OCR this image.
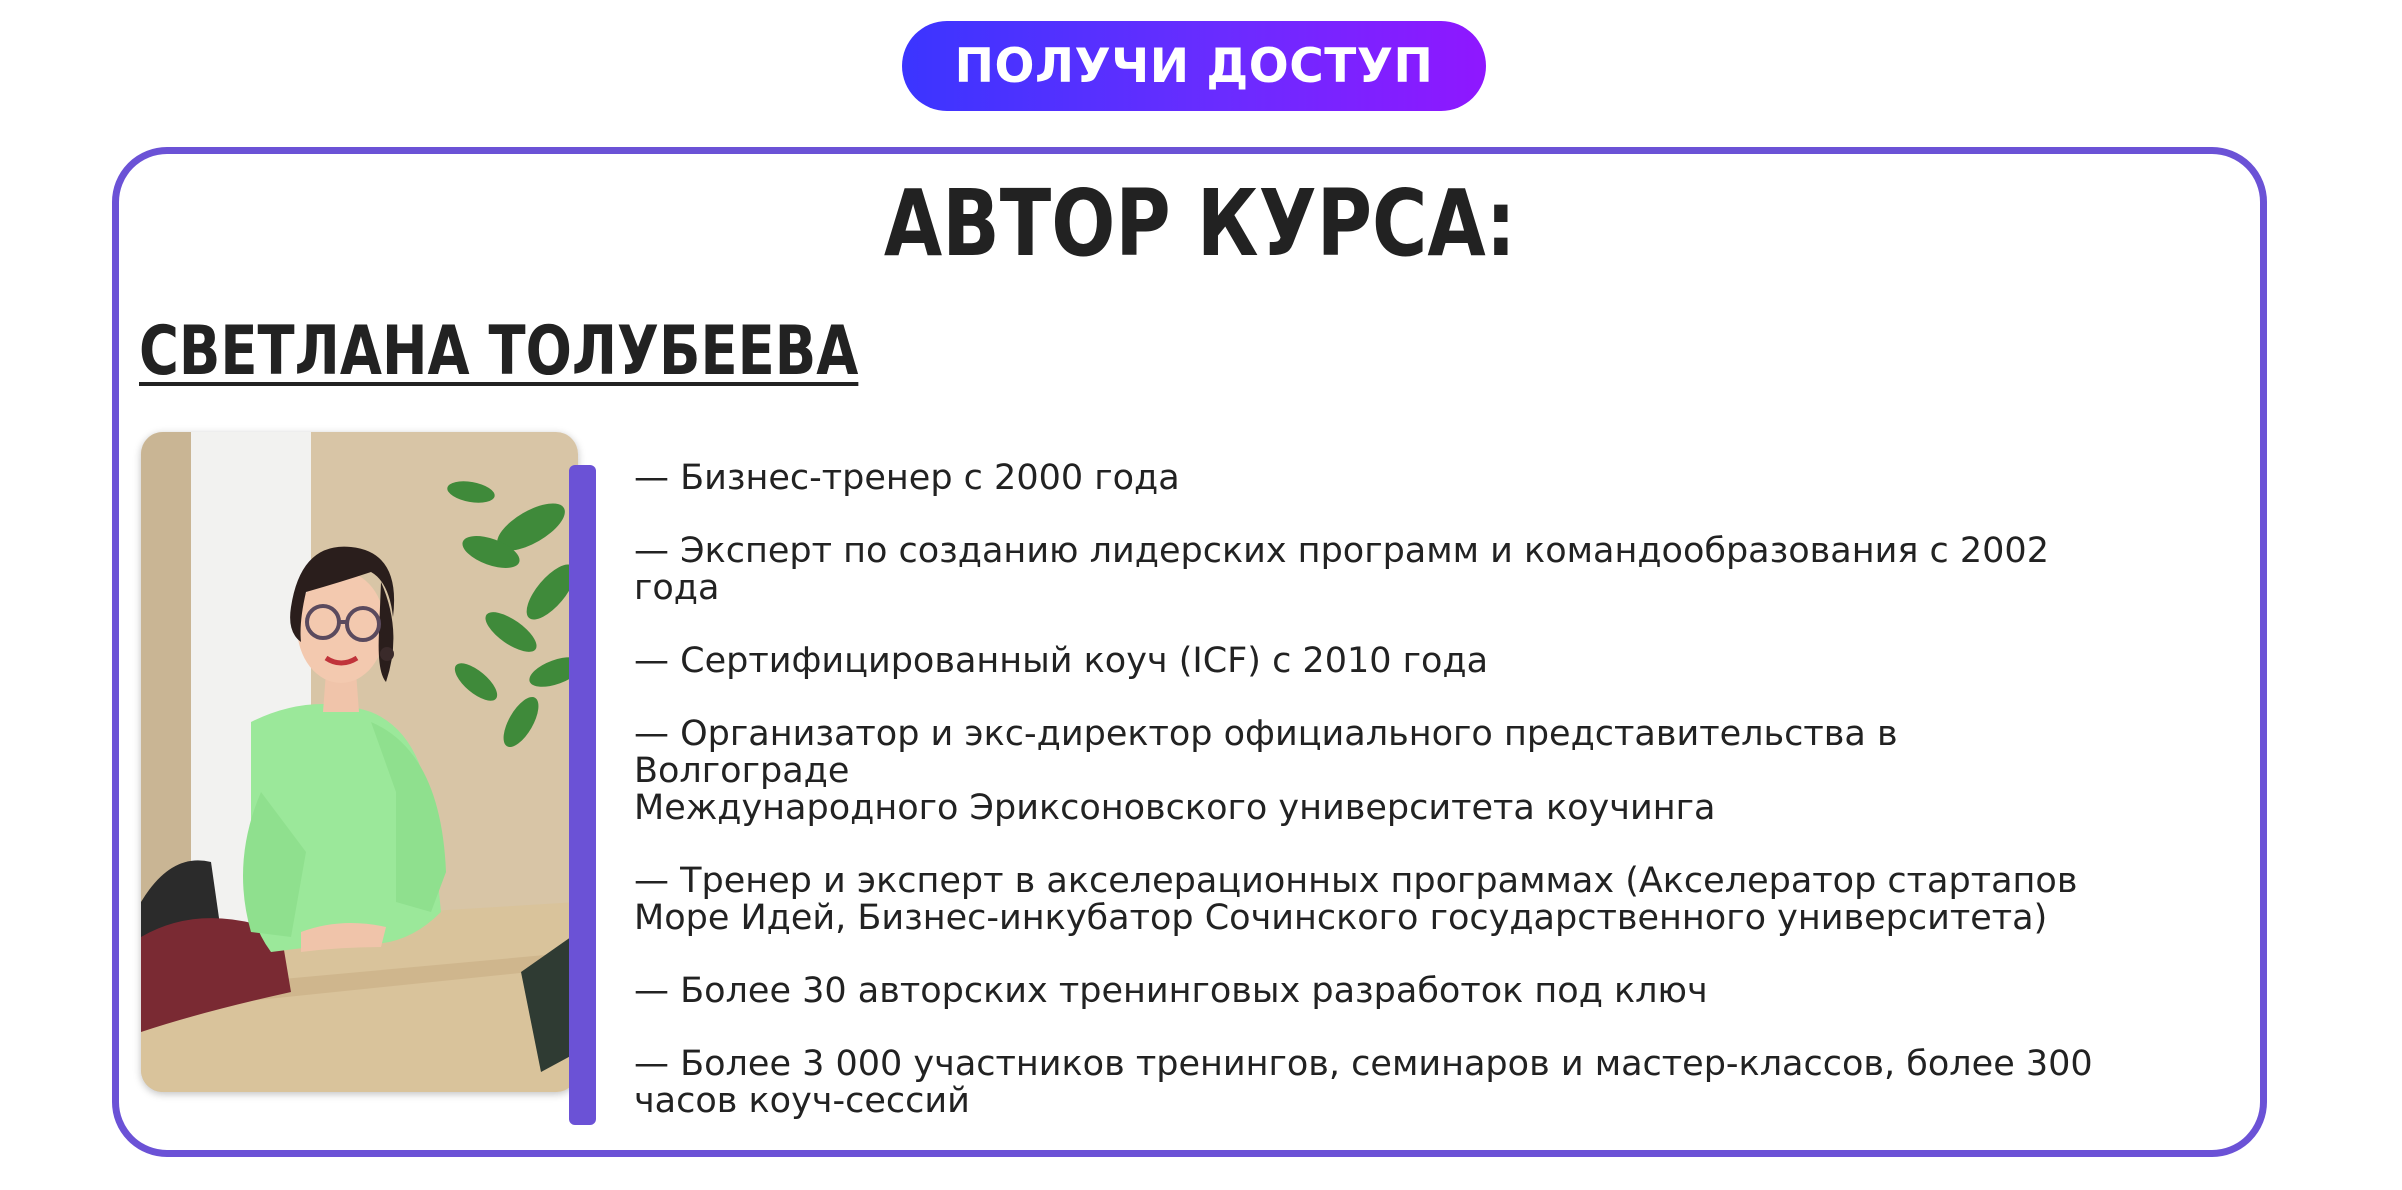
ПОЛУЧИ ДОСТУП
АВТОР КУРСА:
СВЕТЛАНА ТОЛУБЕЕВА
— Бизнес-тренер с 2000 года
— Эксперт по созданию лидерских программ и командообразования с 2002 года
— Сертифицированный коуч (ICF) с 2010 года
— Организатор и экс-директор официального представительства в Волгограде
Международного Эриксоновского университета коучинга
— Тренер и эксперт в акселерационных программах (Акселератор стартапов
Море Идей, Бизнес-инкубатор Сочинского государственного университета)
— Более 30 авторских тренинговых разработок под ключ
— Более 3 000 участников тренингов, семинаров и мастер-классов, более 300
часов коуч-сессий
